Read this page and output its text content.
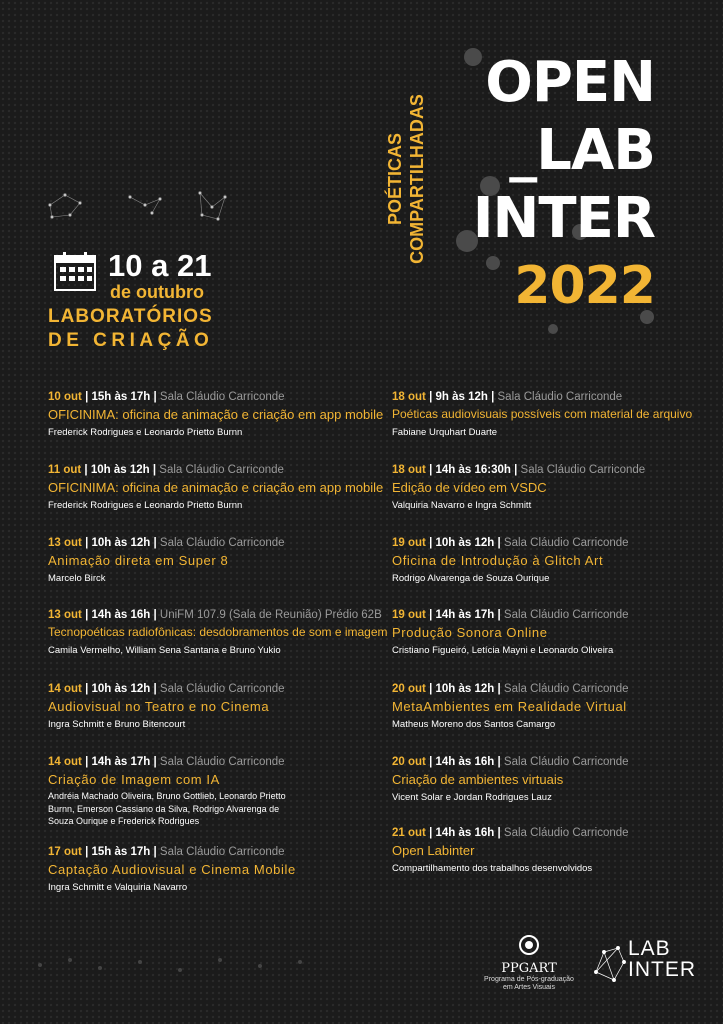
OPEN
_LAB
INTER
2022
POÉTICAS COMPARTILHADAS
10 a 21
de outubro
LABORATÓRIOS
DE CRIAÇÃO
10 out | 15h às 17h | Sala Cláudio Carriconde
OFICINIMA: oficina de animação e criação em app mobile
Frederick Rodrigues e Leonardo Prietto Burnn
11 out | 10h às 12h | Sala Cláudio Carriconde
OFICINIMA: oficina de animação e criação em app mobile
Frederick Rodrigues e Leonardo Prietto Burnn
13 out | 10h às 12h | Sala Cláudio Carriconde
Animação direta em Super 8
Marcelo Birck
13 out | 14h às 16h | UniFM 107.9 (Sala de Reunião) Prédio 62B
Tecnopoéticas radiofônicas: desdobramentos de som e imagem
Camila Vermelho, William Sena Santana e Bruno Yukio
14 out | 10h às 12h | Sala Cláudio Carriconde
Audiovisual no Teatro e no Cinema
Ingra Schmitt e Bruno Bitencourt
14 out | 14h às 17h | Sala Cláudio Carriconde
Criação de Imagem com IA
Andréia Machado Oliveira, Bruno Gottlieb, Leonardo Prietto Burnn, Emerson Cassiano da Silva, Rodrigo Alvarenga de Souza Ourique e Frederick Rodrigues
17 out | 15h às 17h | Sala Cláudio Carriconde
Captação Audiovisual e Cinema Mobile
Ingra Schmitt e Valquiria Navarro
18 out | 9h às 12h | Sala Cláudio Carriconde
Poéticas audiovisuais possíveis com material de arquivo
Fabiane Urquhart Duarte
18 out | 14h às 16:30h | Sala Cláudio Carriconde
Edição de vídeo em VSDC
Valquiria Navarro e Ingra Schmitt
19 out | 10h às 12h | Sala Cláudio Carriconde
Oficina de Introdução à Glitch Art
Rodrigo Alvarenga de Souza Ourique
19 out | 14h às 17h | Sala Cláudio Carriconde
Produção Sonora Online
Cristiano Figueiró, Letícia Mayni e Leonardo Oliveira
20 out | 10h às 12h | Sala Cláudio Carriconde
MetaAmbientes em Realidade Virtual
Matheus Moreno dos Santos Camargo
20 out | 14h às 16h | Sala Cláudio Carriconde
Criação de ambientes virtuais
Vicent Solar e Jordan Rodrigues Lauz
21 out | 14h às 16h | Sala Cláudio Carriconde
Open Labinter
Compartilhamento dos trabalhos desenvolvidos
PPGART
Programa de Pós-graduação
em Artes Visuais
LAB
INTER
